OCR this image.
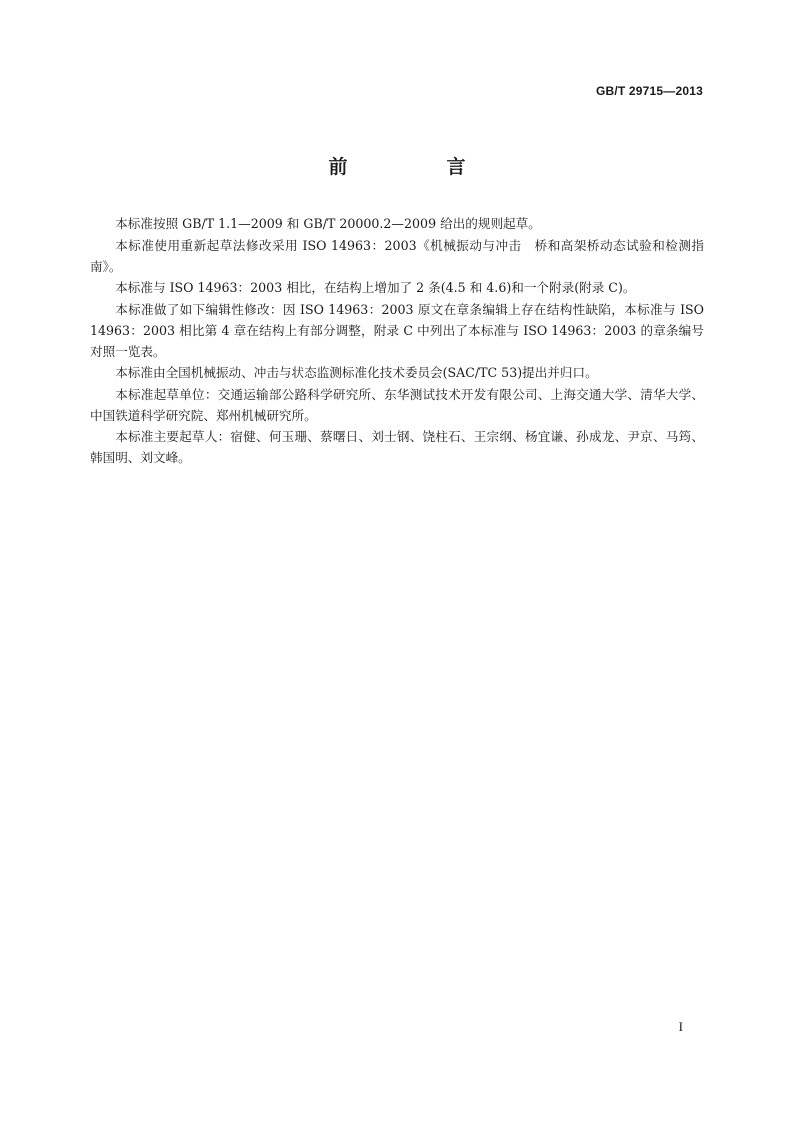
GB/T 29715—2013
前　言

本标准按照 GB/T 1.1—2009 和 GB/T 20000.2—2009 给出的规则起草。

本标准使用重新起草法修改采用 ISO 14963：2003《机械振动与冲击　桥和高架桥动态试验和检测指南》。

本标准与 ISO 14963：2003 相比，在结构上增加了 2 条(4.5 和 4.6)和一个附录(附录 C)。

本标准做了如下编辑性修改：因 ISO 14963：2003 原文在章条编辑上存在结构性缺陷，本标准与 ISO 14963：2003 相比第 4 章在结构上有部分调整，附录 C 中列出了本标准与 ISO 14963：2003 的章条编号对照一览表。

本标准由全国机械振动、冲击与状态监测标准化技术委员会(SAC/TC 53)提出并归口。

本标准起草单位：交通运输部公路科学研究所、东华测试技术开发有限公司、上海交通大学、清华大学、中国铁道科学研究院、郑州机械研究所。

本标准主要起草人：宿健、何玉珊、蔡曙日、刘士钢、饶柱石、王宗纲、杨宜谦、孙成龙、尹京、马筠、韩国明、刘文峰。

I
